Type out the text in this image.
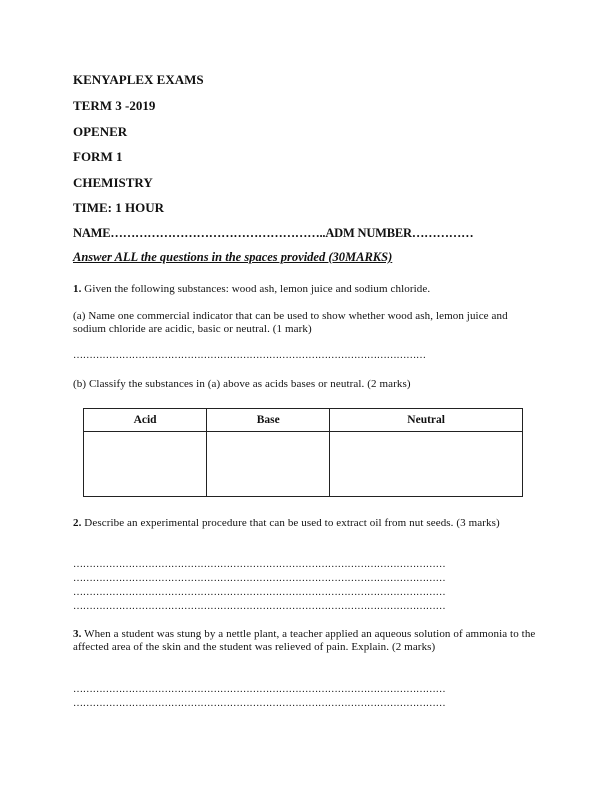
KENYAPLEX EXAMS
TERM 3 -2019
OPENER
FORM 1
CHEMISTRY
TIME: 1 HOUR
NAME……………………………………………..ADM NUMBER……………
Answer ALL the questions in the spaces provided (30MARKS)
1. Given the following substances: wood ash, lemon juice and sodium chloride.
(a) Name one commercial indicator that can be used to show whether wood ash, lemon juice and sodium chloride are acidic, basic or neutral. (1 mark)
………………………………………………………………………………………………
(b) Classify the substances in (a) above as acids bases or neutral. (2 marks)
Acid	Base	Neutral

2. Describe an experimental procedure that can be used to extract oil from nut seeds. (3 marks)
……………………………………………………………………………………………………
……………………………………………………………………………………………………
……………………………………………………………………………………………………
……………………………………………………………………………………………………
3. When a student was stung by a nettle plant, a teacher applied an aqueous solution of ammonia to the affected area of the skin and the student was relieved of pain. Explain. (2 marks)
……………………………………………………………………………………………………
……………………………………………………………………………………………………
